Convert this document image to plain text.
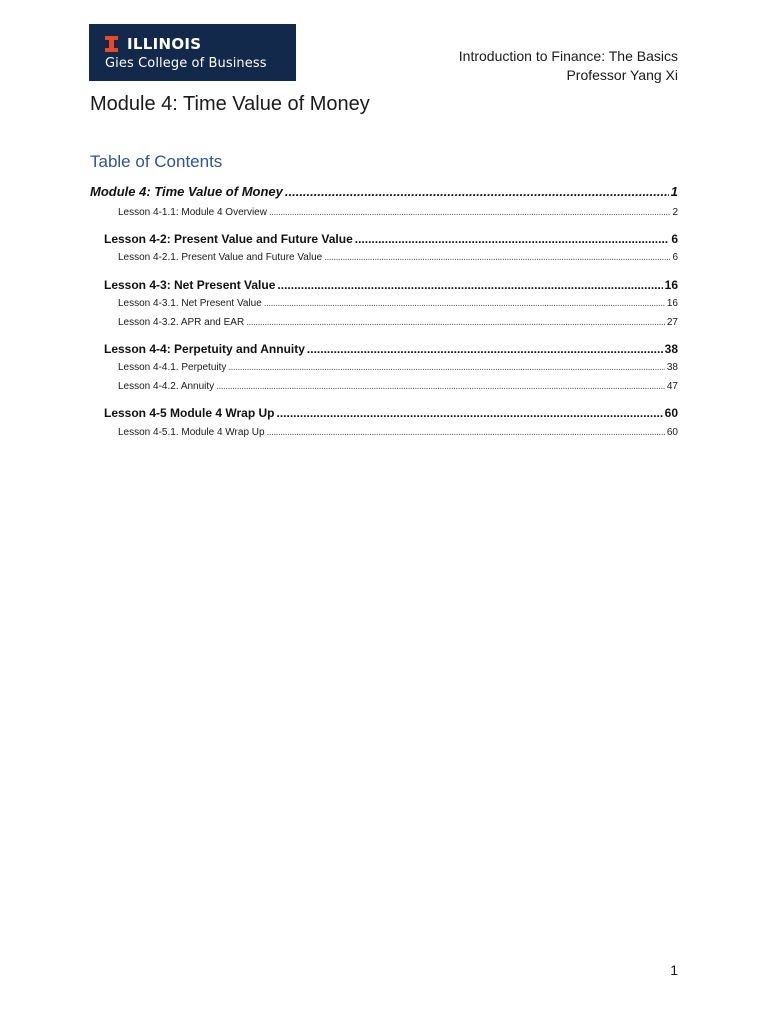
ILLINOIS
Gies College of Business	Introduction to Finance: The Basics
Professor Yang Xi
Module 4: Time Value of Money
Table of Contents
Module 4: Time Value of Money .....	1
Lesson 4-1.1: Module 4 Overview .....	2
Lesson 4-2: Present Value and Future Value .....	6
Lesson 4-2.1. Present Value and Future Value .....	6
Lesson 4-3: Net Present Value .....	16
Lesson 4-3.1. Net Present Value .....	16
Lesson 4-3.2. APR and EAR .....	27
Lesson 4-4: Perpetuity and Annuity .....	38
Lesson 4-4.1. Perpetuity .....	38
Lesson 4-4.2. Annuity .....	47
Lesson 4-5 Module 4 Wrap Up .....	60
Lesson 4-5.1. Module 4 Wrap Up .....	60
1
